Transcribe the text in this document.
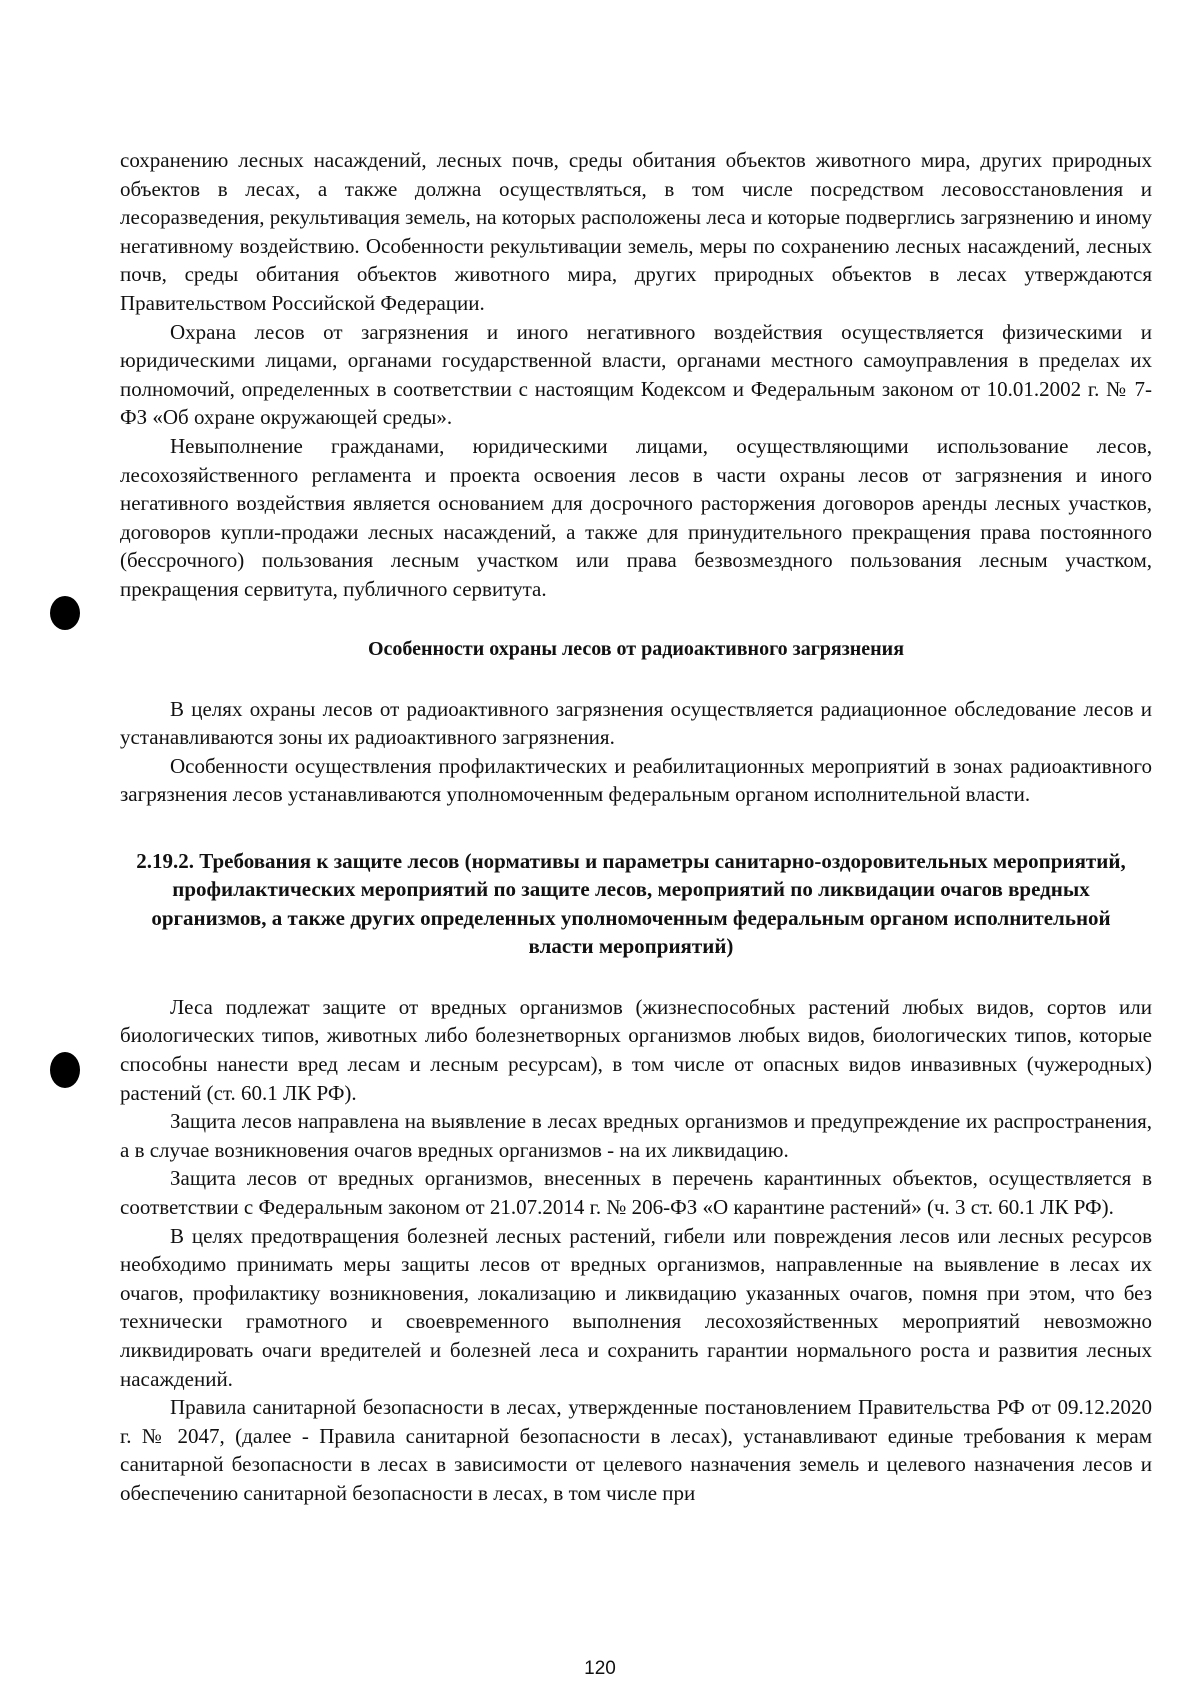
сохранению лесных насаждений, лесных почв, среды обитания объектов животного мира, других природных объектов в лесах, а также должна осуществляться, в том числе посредством лесовосстановления и лесоразведения, рекультивация земель, на которых расположены леса и которые подверглись загрязнению и иному негативному воздействию. Особенности рекультивации земель, меры по сохранению лесных насаждений, лесных почв, среды обитания объектов животного мира, других природных объектов в лесах утверждаются Правительством Российской Федерации.

Охрана лесов от загрязнения и иного негативного воздействия осуществляется физическими и юридическими лицами, органами государственной власти, органами местного самоуправления в пределах их полномочий, определенных в соответствии с настоящим Кодексом и Федеральным законом от 10.01.2002 г. № 7-ФЗ «Об охране окружающей среды».

Невыполнение гражданами, юридическими лицами, осуществляющими использование лесов, лесохозяйственного регламента и проекта освоения лесов в части охраны лесов от загрязнения и иного негативного воздействия является основанием для досрочного расторжения договоров аренды лесных участков, договоров купли-продажи лесных насаждений, а также для принудительного прекращения права постоянного (бессрочного) пользования лесным участком или права безвозмездного пользования лесным участком, прекращения сервитута, публичного сервитута.

Особенности охраны лесов от радиоактивного загрязнения

В целях охраны лесов от радиоактивного загрязнения осуществляется радиационное обследование лесов и устанавливаются зоны их радиоактивного загрязнения.

Особенности осуществления профилактических и реабилитационных мероприятий в зонах радиоактивного загрязнения лесов устанавливаются уполномоченным федеральным органом исполнительной власти.

2.19.2. Требования к защите лесов (нормативы и параметры санитарно-оздоровительных мероприятий, профилактических мероприятий по защите лесов, мероприятий по ликвидации очагов вредных организмов, а также других определенных уполномоченным федеральным органом исполнительной власти мероприятий)

Леса подлежат защите от вредных организмов (жизнеспособных растений любых видов, сортов или биологических типов, животных либо болезнетворных организмов любых видов, биологических типов, которые способны нанести вред лесам и лесным ресурсам), в том числе от опасных видов инвазивных (чужеродных) растений (ст. 60.1 ЛК РФ).

Защита лесов направлена на выявление в лесах вредных организмов и предупреждение их распространения, а в случае возникновения очагов вредных организмов - на их ликвидацию.

Защита лесов от вредных организмов, внесенных в перечень карантинных объектов, осуществляется в соответствии с Федеральным законом от 21.07.2014 г. № 206-ФЗ «О карантине растений» (ч. 3 ст. 60.1 ЛК РФ).

В целях предотвращения болезней лесных растений, гибели или повреждения лесов или лесных ресурсов необходимо принимать меры защиты лесов от вредных организмов, направленные на выявление в лесах их очагов, профилактику возникновения, локализацию и ликвидацию указанных очагов, помня при этом, что без технически грамотного и своевременного выполнения лесохозяйственных мероприятий невозможно ликвидировать очаги вредителей и болезней леса и сохранить гарантии нормального роста и развития лесных насаждений.

Правила санитарной безопасности в лесах, утвержденные постановлением Правительства РФ от 09.12.2020 г. № 2047, (далее - Правила санитарной безопасности в лесах), устанавливают единые требования к мерам санитарной безопасности в лесах в зависимости от целевого назначения земель и целевого назначения лесов и обеспечению санитарной безопасности в лесах, в том числе при

120
